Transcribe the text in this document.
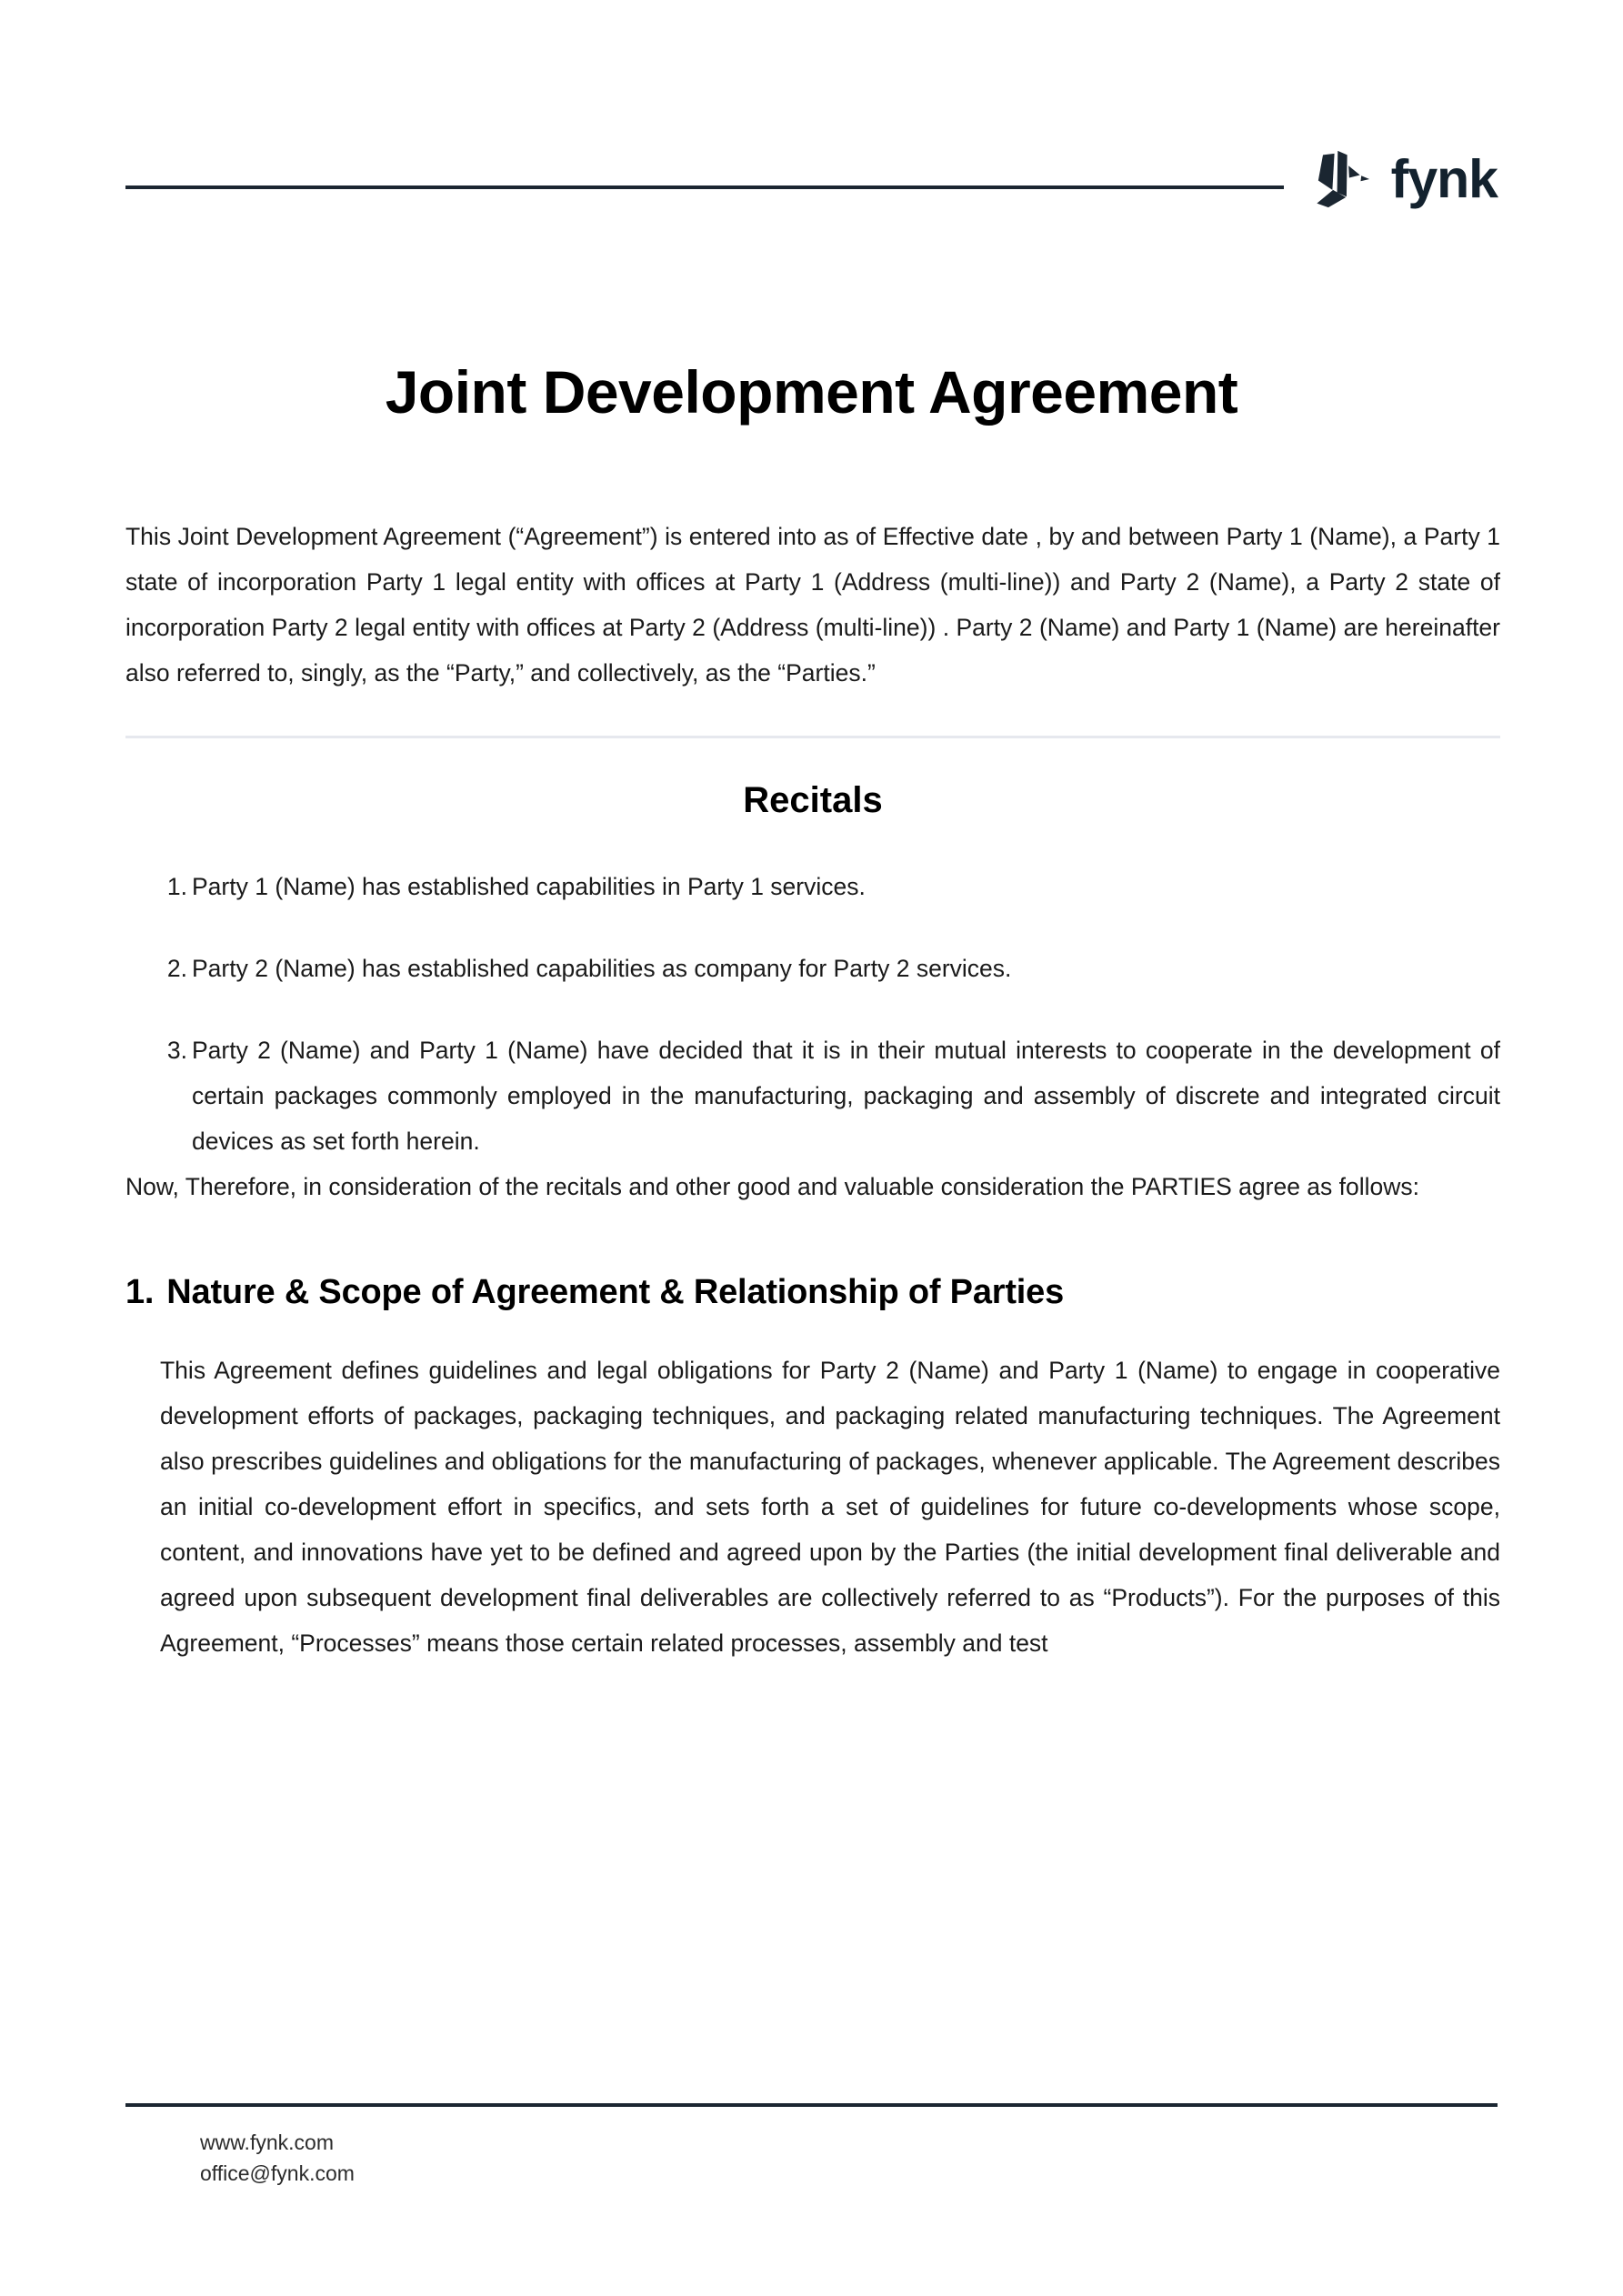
fynk
Joint Development Agreement

This Joint Development Agreement (“Agreement”) is entered into as of Effective date , by and between Party 1 (Name), a Party 1 state of incorporation Party 1 legal entity with offices at Party 1 (Address (multi-line)) and Party 2 (Name), a Party 2 state of incorporation Party 2 legal entity with offices at Party 2 (Address (multi-line)) . Party 2 (Name) and Party 1 (Name) are hereinafter also referred to, singly, as the “Party,” and collectively, as the “Parties.”

Recitals
Party 1 (Name) has established capabilities in Party 1 services.
Party 2 (Name) has established capabilities as company for Party 2 services.
Party 2 (Name) and Party 1 (Name) have decided that it is in their mutual interests to cooperate in the development of certain packages commonly employed in the manufacturing, packaging and assembly of discrete and integrated circuit devices as set forth herein.

Now, Therefore, in consideration of the recitals and other good and valuable consideration the PARTIES agree as follows:

1. Nature & Scope of Agreement & Relationship of Parties

This Agreement defines guidelines and legal obligations for Party 2 (Name) and Party 1 (Name) to engage in cooperative development efforts of packages, packaging techniques, and packaging related manufacturing techniques. The Agreement also prescribes guidelines and obligations for the manufacturing of packages, whenever applicable. The Agreement describes an initial co-development effort in specifics, and sets forth a set of guidelines for future co-developments whose scope, content, and innovations have yet to be defined and agreed upon by the Parties (the initial development final deliverable and agreed upon subsequent development final deliverables are collectively referred to as “Products”). For the purposes of this Agreement, “Processes” means those certain related processes, assembly and test

www.fynk.com
office@fynk.com
